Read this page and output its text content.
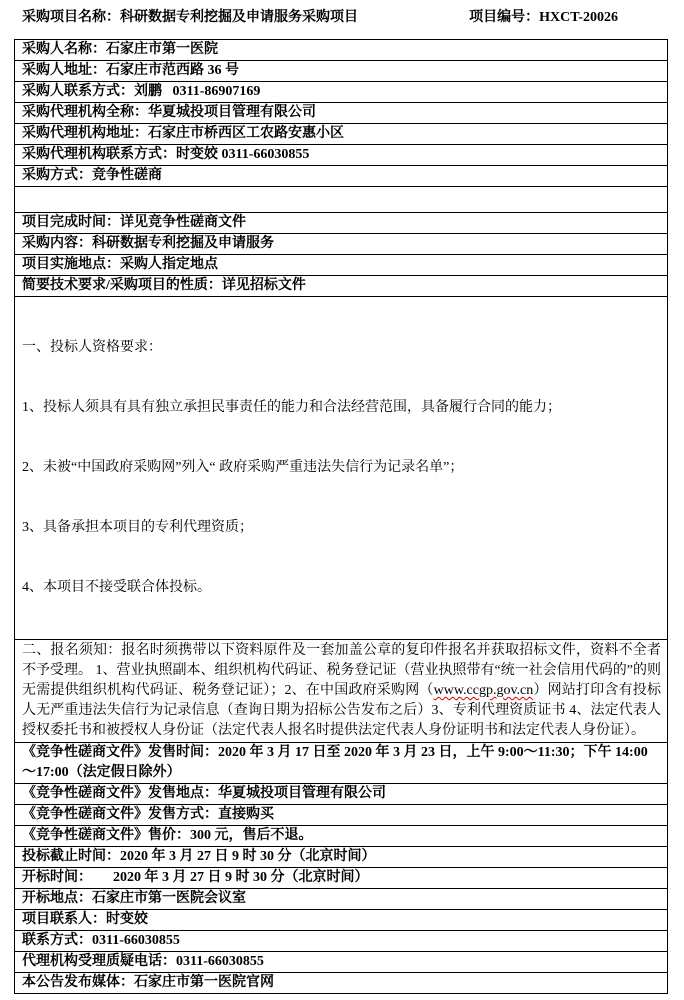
采购项目名称：科研数据专利挖掘及申请服务采购项目	项目编号：HXCT-20026
采购人名称：石家庄市第一医院
采购人地址：石家庄市范西路 36 号
采购人联系方式：刘鹏   0311-86907169
采购代理机构全称：华夏城投项目管理有限公司
采购代理机构地址：石家庄市桥西区工农路安惠小区
采购代理机构联系方式：时变姣 0311-66030855
采购方式：竞争性磋商
项目完成时间：详见竞争性磋商文件
采购内容：科研数据专利挖掘及申请服务
项目实施地点：采购人指定地点
简要技术要求/采购项目的性质：详见招标文件

一、投标人资格要求：

1、投标人须具有具有独立承担民事责任的能力和合法经营范围，具备履行合同的能力；

2、未被“中国政府采购网”列入“ 政府采购严重违法失信行为记录名单”；

3、具备承担本项目的专利代理资质；

4、本项目不接受联合体投标。

二、报名须知：报名时须携带以下资料原件及一套加盖公章的复印件报名并获取招标文件，资料不全者不予受理。 1、营业执照副本、组织机构代码证、税务登记证（营业执照带有“统一社会信用代码的”的则无需提供组织机构代码证、税务登记证）；2、在中国政府采购网（www.ccgp.gov.cn）网站打印含有投标人无严重违法失信行为记录信息（查询日期为招标公告发布之后）3、专利代理资质证书 4、法定代表人授权委托书和被授权人身份证（法定代表人报名时提供法定代表人身份证明书和法定代表人身份证）。
《竞争性磋商文件》发售时间：2020 年 3 月 17 日至 2020 年 3 月 23 日，上午 9:00～11:30；下午 14:00～17:00（法定假日除外）
《竞争性磋商文件》发售地点：华夏城投项目管理有限公司
《竞争性磋商文件》发售方式：直接购买
《竞争性磋商文件》售价：300 元，售后不退。
投标截止时间：2020 年 3 月 27 日 9 时 30 分（北京时间）
开标时间：      2020 年 3 月 27 日 9 时 30 分（北京时间）
开标地点：石家庄市第一医院会议室
项目联系人：时变姣
联系方式：0311-66030855
代理机构受理质疑电话：0311-66030855
本公告发布媒体：石家庄市第一医院官网
